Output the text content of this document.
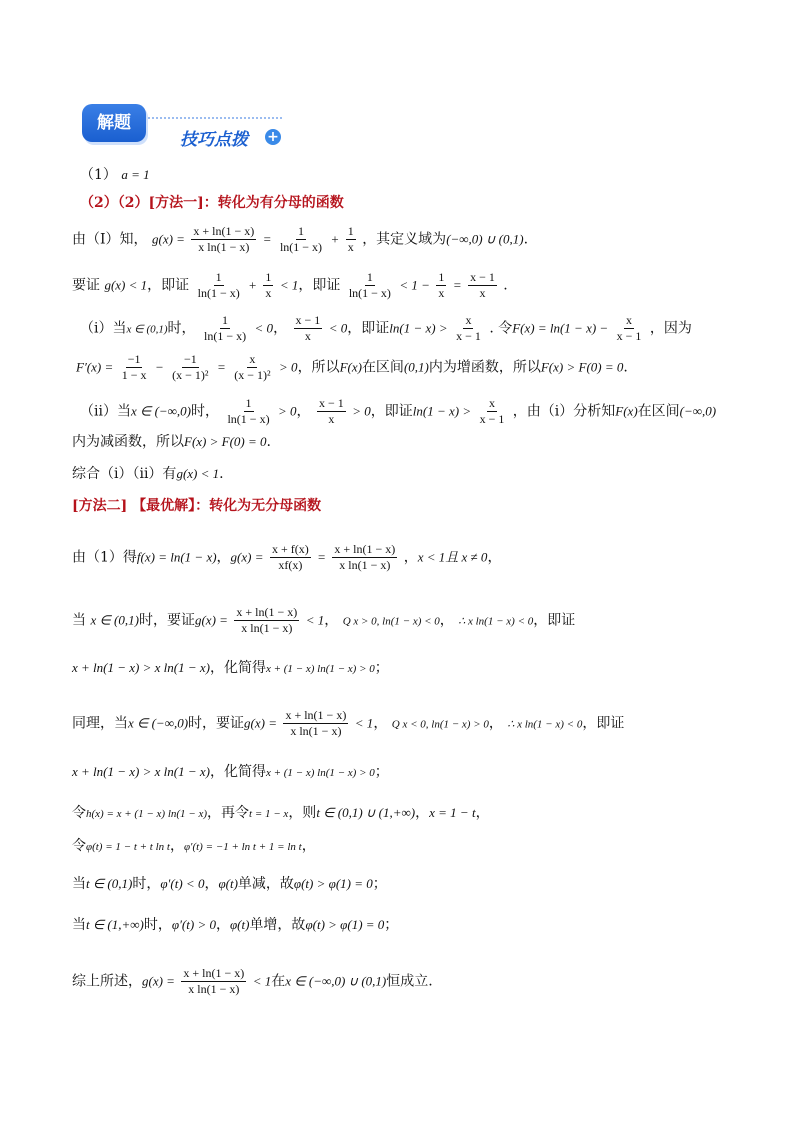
解题
技巧点拨 +
（1） a = 1
（2）（2）[方法一]：转化为有分母的函数
由（Ⅰ）知， $g(x) = \frac{x + \ln(1 - x)}{\text{x ln(1 − x)}} = \frac{1}{\ln(1 - x)} + \frac{1}{x}$ ，其定义域为(−∞,0) ∪ (0,1).
要证 g(x) < 1，即证 $\frac{1}{\ln(1 - x)} + \frac{1}{x} < 1$，即证 $\frac{1}{\ln(1 - x)} < 1 - \frac{1}{x} = \frac{x - 1}{x}$ .
（ⅰ）当x ∈ (0,1)时， $\frac{1}{\ln(1 - x)} < 0$， $\frac{x - 1}{x} < 0$，即证$\ln(1 - x) > \frac{x}{x - 1}$ . 令$F(x) = \ln(1 - x) - \frac{x}{x - 1}$ ，因为
$F'(x) = \frac{-1}{1 - x} - \frac{-1}{\text{(x − 1)²}} = \frac{x}{\text{(x − 1)²}} > 0$，所以F(x)在区间(0,1)内为增函数，所以F(x) > F(0) = 0.
（ⅱ）当x ∈ (−∞,0)时， $\frac{1}{\ln(1 - x)} > 0$， $\frac{x - 1}{x} > 0$，即证$\ln(1 - x) > \frac{x}{x - 1}$ ，由（ⅰ）分析知F(x)在区间(−∞,0)
内为减函数，所以F(x) > F(0) = 0.
综合（ⅰ）（ⅱ）有g(x) < 1.
[方法二] 【最优解】：转化为无分母函数
由（1）得f(x) = ln(1 − x)，$g(x) = \frac{x + f(x)}{xf(x)} = \frac{x + \ln(1 - x)}{\text{x ln(1 − x)}}$ ，x < 1且 x ≠ 0，
当 x ∈ (0,1)时，要证$g(x) = \frac{x + \ln(1 - x)}{\text{x ln(1 − x)}} < 1$， Q x > 0, ln(1 − x) < 0， ∴ x ln(1 − x) < 0，即证
x + ln(1 − x) > x ln(1 − x)，化简得x + (1 − x) ln(1 − x) > 0；
同理，当x ∈ (−∞,0)时，要证$g(x) = \frac{x + \ln(1 - x)}{\text{x ln(1 − x)}} < 1$， Q x < 0, ln(1 − x) > 0， ∴ x ln(1 − x) < 0，即证
x + ln(1 − x) > x ln(1 − x)，化简得x + (1 − x) ln(1 − x) > 0；
令h(x) = x + (1 − x) ln(1 − x)，再令t = 1 − x，则t ∈ (0,1) ∪ (1,+∞)，x = 1 − t，
令φ(t) = 1 − t + t ln t，φ′(t) = −1 + ln t + 1 = ln t，
当t ∈ (0,1)时，φ′(t) < 0，φ(t)单减，故φ(t) > φ(1) = 0；
当t ∈ (1,+∞)时，φ′(t) > 0，φ(t)单增，故φ(t) > φ(1) = 0；
综上所述，$g(x) = \frac{x + \ln(1 - x)}{\text{x ln(1 − x)}} < 1$在x ∈ (−∞,0) ∪ (0,1)恒成立.
